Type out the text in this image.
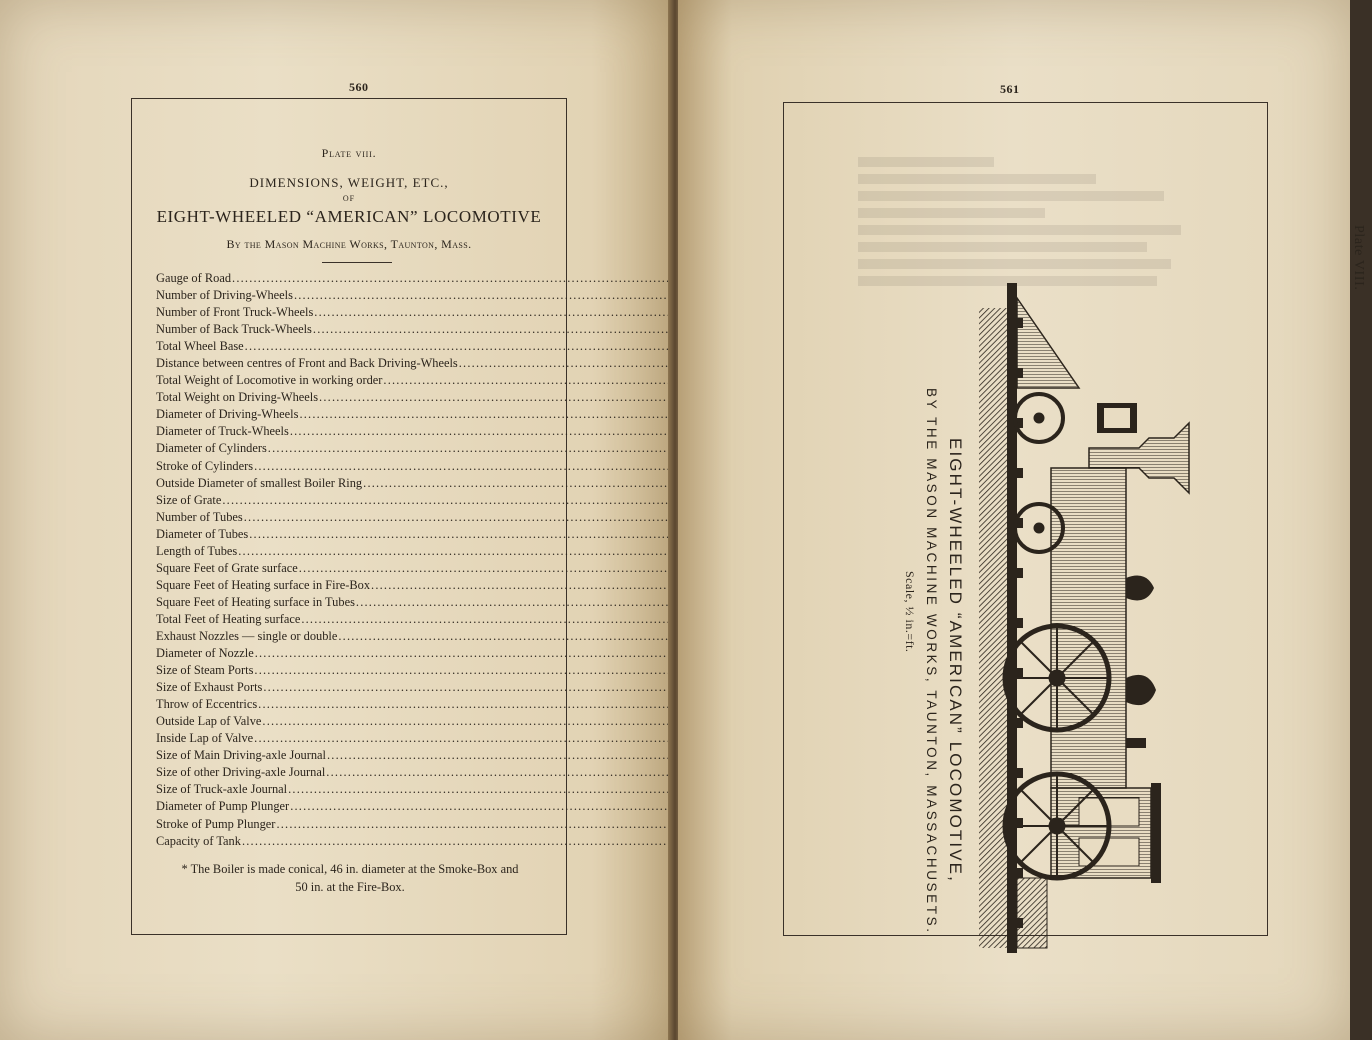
560
Plate viii.
DIMENSIONS, WEIGHT, ETC.,
OF
EIGHT-WHEELED “AMERICAN” LOCOMOTIVE
By the Mason Machine Works, Taunton, Mass.
Gauge of Road
.....
Number of Driving-Wheels
.....
Number of Front Truck-Wheels
.....
Number of Back Truck-Wheels
.....
Total Wheel Base
.....
Distance between centres of Front and Back Driving-Wheels
.....
Total Weight of Locomotive in working order
.....
Total Weight on Driving-Wheels
.....
Diameter of Driving-Wheels
.....
Diameter of Truck-Wheels
.....
Diameter of Cylinders
.....
Stroke of Cylinders
.....
Outside Diameter of smallest Boiler Ring
.....
Size of Grate
.....
Number of Tubes
.....
Diameter of Tubes
.....
Length of Tubes
.....
Square Feet of Grate surface
.....
Square Feet of Heating surface in Fire-Box
.....
Square Feet of Heating surface in Tubes
.....
Total Feet of Heating surface
.....
Exhaust Nozzles — single or double
.....
Diameter of Nozzle
.....
Size of Steam Ports
.....
Size of Exhaust Ports
.....
Throw of Eccentrics
.....
Outside Lap of Valve
.....
Inside Lap of Valve
.....
Size of Main Driving-axle Journal
.....
Size of other Driving-axle Journal
.....
Size of Truck-axle Journal
.....
Diameter of Pump Plunger
.....
Stroke of Pump Plunger
.....
Capacity of Tank
.....
* The Boiler is made conical, 46 in. diameter at the Smoke-Box and
50 in. at the Fire-Box.
561
Plate VIII.
EIGHT-WHEELED “AMERICAN” LOCOMOTIVE,
BY THE MASON MACHINE WORKS, TAUNTON, MASSACHUSETS.
Scale, ½ in.=ft.
